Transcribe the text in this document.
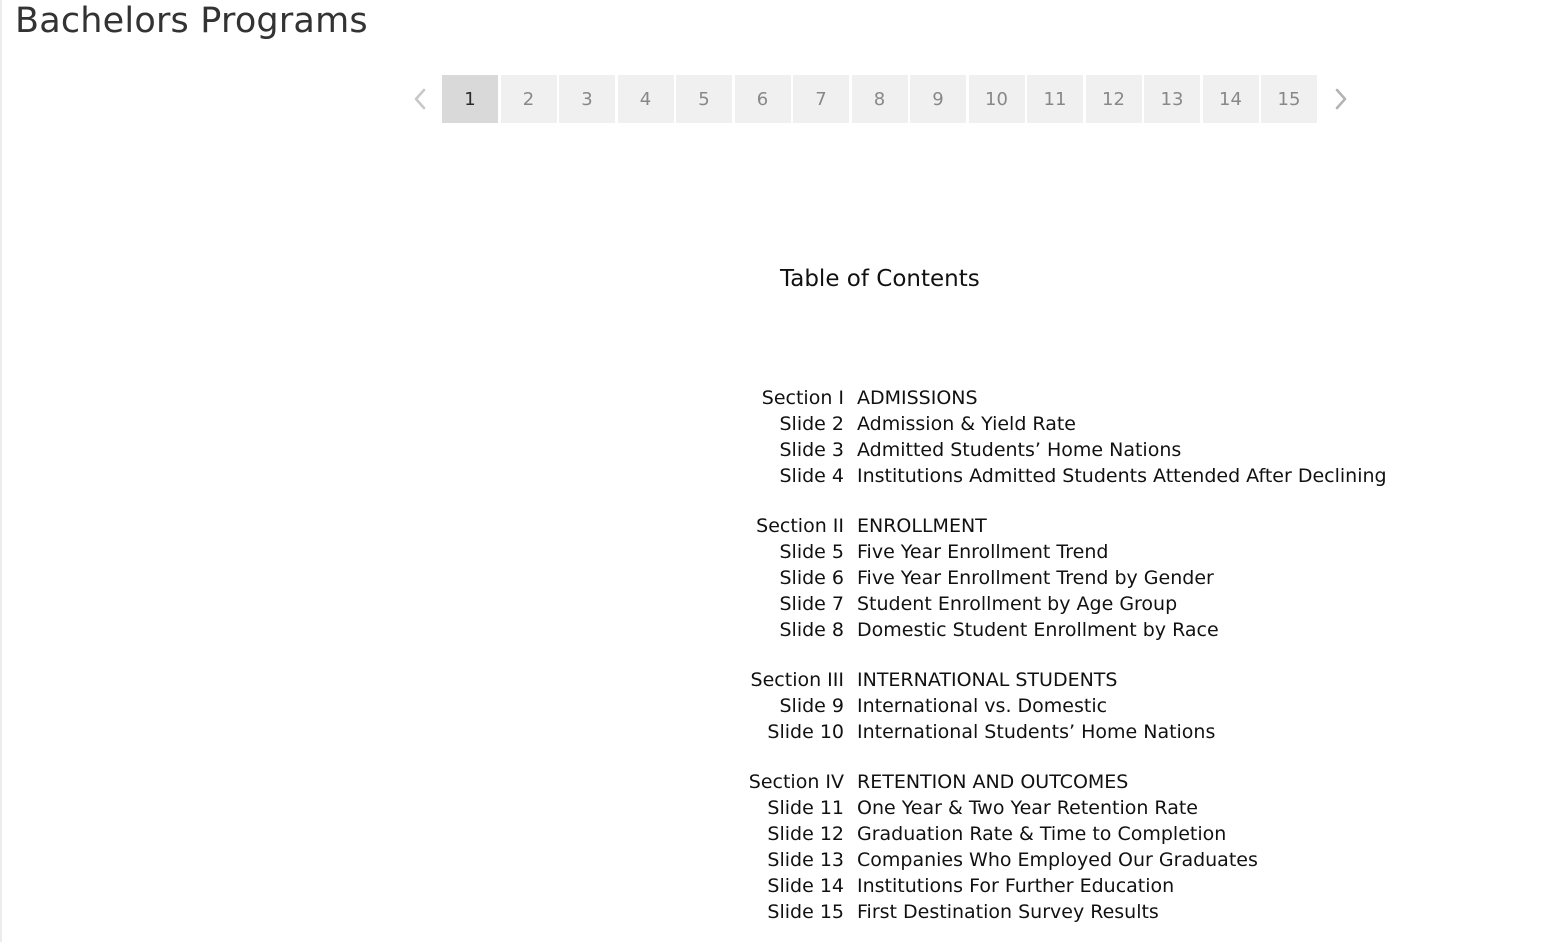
Bachelors Programs
1	2	3	4	5	6	7	8	9	10	11	12	13	14	15
Table of Contents
Section I ADMISSIONS
Slide 2 Admission & Yield Rate
Slide 3 Admitted Students’ Home Nations
Slide 4 Institutions Admitted Students Attended After Declining
Section II ENROLLMENT
Slide 5 Five Year Enrollment Trend
Slide 6 Five Year Enrollment Trend by Gender
Slide 7 Student Enrollment by Age Group
Slide 8 Domestic Student Enrollment by Race
Section III INTERNATIONAL STUDENTS
Slide 9 International vs. Domestic
Slide 10 International Students’ Home Nations
Section IV RETENTION AND OUTCOMES
Slide 11 One Year & Two Year Retention Rate
Slide 12 Graduation Rate & Time to Completion
Slide 13 Companies Who Employed Our Graduates
Slide 14 Institutions For Further Education
Slide 15 First Destination Survey Results
